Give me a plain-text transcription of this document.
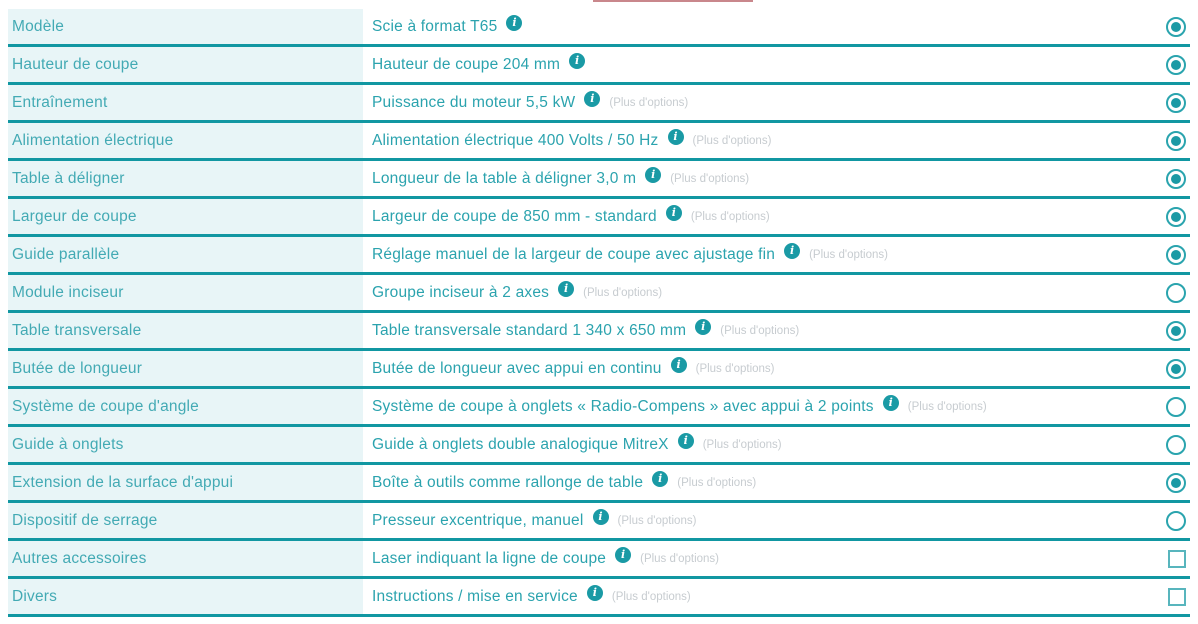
Modèle	Scie à format T65	i
Hauteur de coupe	Hauteur de coupe 204 mm	i
Entraînement	Puissance du moteur 5,5 kW	i	(Plus d'options)
Alimentation électrique	Alimentation électrique 400 Volts / 50 Hz	i	(Plus d'options)
Table à déligner	Longueur de la table à déligner 3,0 m	i	(Plus d'options)
Largeur de coupe	Largeur de coupe de 850 mm - standard	i	(Plus d'options)
Guide parallèle	Réglage manuel de la largeur de coupe avec ajustage fin	i	(Plus d'options)
Module inciseur	Groupe inciseur à 2 axes	i	(Plus d'options)
Table transversale	Table transversale standard 1 340 x 650 mm	i	(Plus d'options)
Butée de longueur	Butée de longueur avec appui en continu	i	(Plus d'options)
Système de coupe d'angle	Système de coupe à onglets « Radio-Compens » avec appui à 2 points	i	(Plus d'options)
Guide à onglets	Guide à onglets double analogique MitreX	i	(Plus d'options)
Extension de la surface d'appui	Boîte à outils comme rallonge de table	i	(Plus d'options)
Dispositif de serrage	Presseur excentrique, manuel	i	(Plus d'options)
Autres accessoires	Laser indiquant la ligne de coupe	i	(Plus d'options)
Divers	Instructions / mise en service	i	(Plus d'options)
